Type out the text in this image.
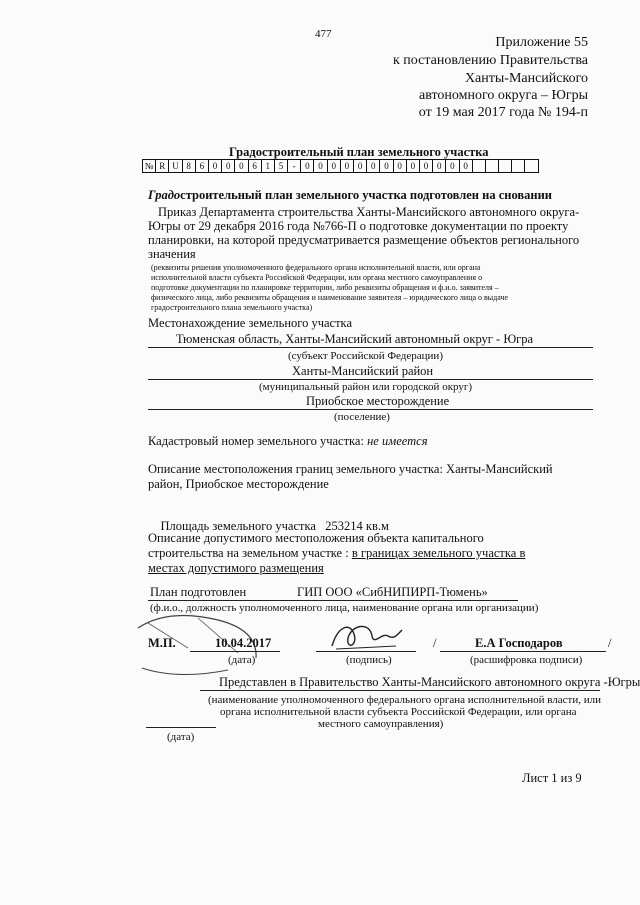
477
Приложение 55
к постановлению Правительства
Ханты-Мансийского
автономного округа – Югры
от 19 мая 2017 года № 194-п
Градостроительный план земельного участка
№ R U 8 6 0 0 0 6 1 5	-	0 0 0 0 0 0 0 0 0 0 0 0 0
Градостроительный план земельного участка подготовлен на сновании
Приказ Департамента строительства Ханты-Мансийского автономного округа-
Югры от 29 декабря 2016 года №766-П о подготовке документации по проекту
планировки, на которой предусматривается размещение объектов регионального
значения
(реквизиты решения уполномоченного федерального органа исполнительной власти, или органа
исполнительной власти субъекта Российской Федерации, или органа местного самоуправления о
подготовке документации по планировке территории, либо реквизиты обращения и ф.и.о. заявителя –
физического лица, либо реквизиты обращения и наименование заявителя – юридического лица о выдаче
градостроительного плана земельного участка)
Местонахождение земельного участка
Тюменская область, Ханты-Мансийский автономный округ - Югра
(субъект Российской Федерации)
Ханты-Мансийский район
(муниципальный район или городской округ)
Приобское месторождение
(поселение)
Кадастровый номер земельного участка: не имеется
Описание местоположения границ земельного участка: Ханты-Мансийский
район, Приобское месторождение

Площадь земельного участка   253214 кв.м

Описание допустимого местоположения объекта капитального
строительства на земельном участке : в границах земельного участка в
местах допустимого размещения
План подготовлен	ГИП ООО «СибНИПИРП-Тюмень»
(ф.и.о., должность уполномоченного лица, наименование органа или организации)
М.П.	10.04.2017
(дата)	(подпись)
/	Е.А Господаров	/
(расшифровка подписи)
Представлен в Правительство Ханты-Мансийского автономного округа -Югры
(наименование уполномоченного федерального органа исполнительной власти, или
органа исполнительной власти субъекта Российской Федерации, или органа
местного самоуправления)
(дата)
Лист 1 из 9
